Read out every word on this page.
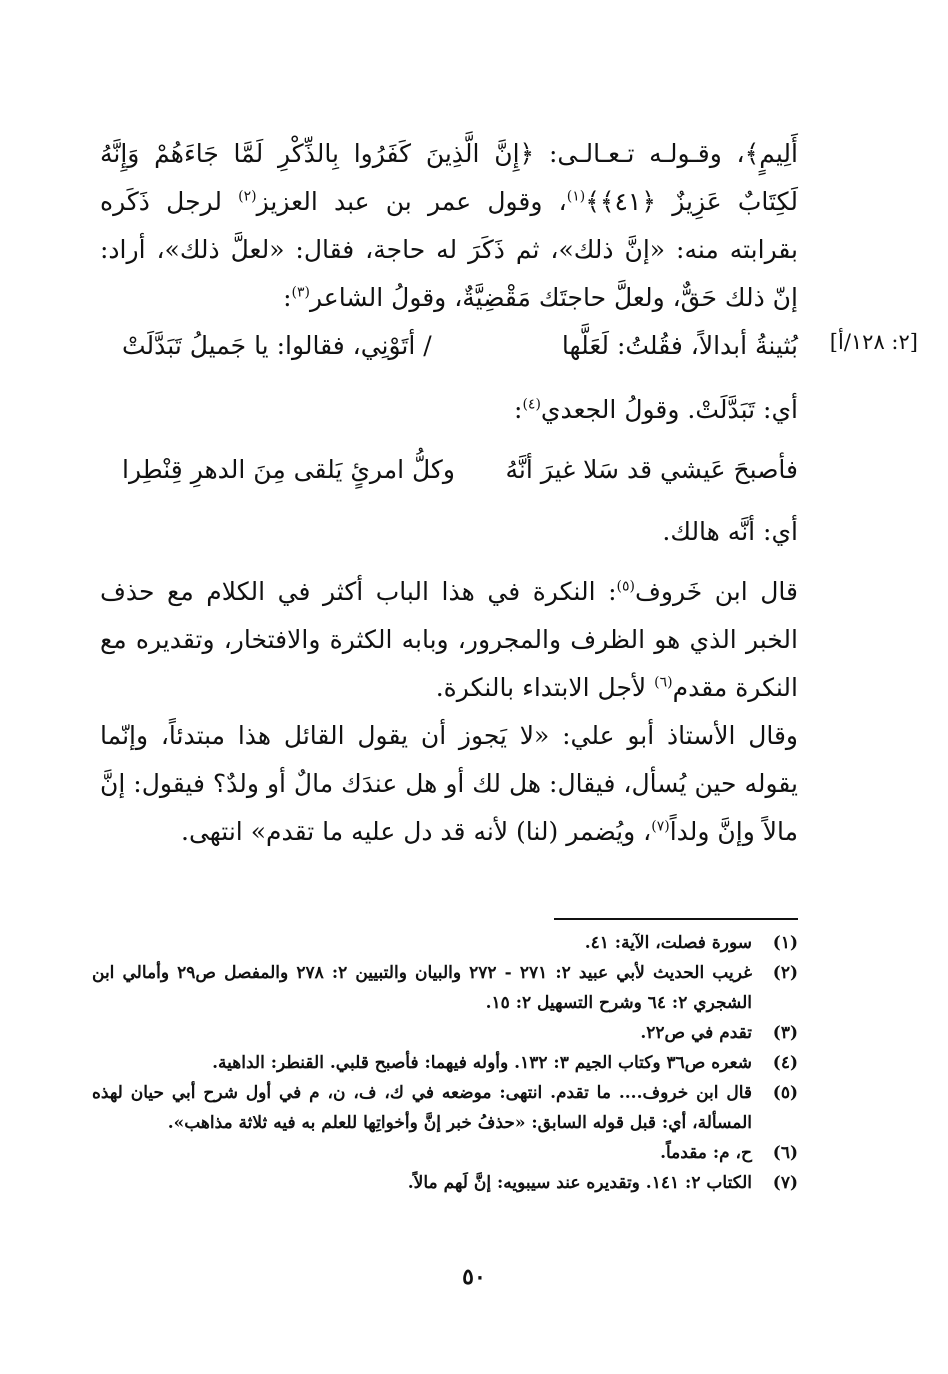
أَلِيمٍ﴾، وقـولـه تـعـالـى: ﴿إِنَّ الَّذِينَ كَفَرُوا بِالذِّكْرِ لَمَّا جَاءَهُمْ وَإِنَّهُ لَكِتَابٌ عَزِيزٌ ﴿٤١﴾﴾$^{(١)}$، وقول عمر بن عبد العزيز$^{(٢)}$ لرجل ذَكَره بقرابته منه: «إنَّ ذلك»، ثم ذَكَرَ له حاجة، فقال: «لعلَّ ذلك»، أراد: إنّ ذلك حَقٌّ، ولعلَّ حاجتَك مَقْضِيَّةٌ، وقولُ الشاعر$^{(٣)}$:
[٢: ١٢٨/أ]
بُثينةُ أبدالاً، فقُلتُ: لَعَلَّها
/ أتَوْنِي، فقالوا: يا جَميلُ تَبَدَّلَتْ
أي: تَبَدَّلَتْ. وقولُ الجعدي$^{(٤)}$:
فأصبحَ عَيشي قد سَلا غيرَ أنَّهُ
وكلُّ امرئٍ يَلقى مِنَ الدهرِ قِنْطِرا
أي: أنَّه هالك.
قال ابن خَروف$^{(٥)}$: النكرة في هذا الباب أكثر في الكلام مع حذف الخبر الذي هو الظرف والمجرور، وبابه الكثرة والافتخار، وتقديره مع النكرة مقدم$^{(٦)}$ لأجل الابتداء بالنكرة.
وقال الأستاذ أبو علي: «لا يَجوز أن يقول القائل هذا مبتدئاً، وإنّما يقوله حين يُسأل، فيقال: هل لك أو هل عندَك مالٌ أو ولدٌ؟ فيقول: إنَّ مالاً وإنَّ ولداً$^{(٧)}$، ويُضمر (لنا) لأنه قد دل عليه ما تقدم» انتهى.
(١)
سورة فصلت، الآية: ٤١.
(٢)
غريب الحديث لأبي عبيد ٢: ٢٧١ - ٢٧٢ والبيان والتبيين ٢: ٢٧٨ والمفصل ص٢٩ وأمالي ابن الشجري ٢: ٦٤ وشرح التسهيل ٢: ١٥.
(٣)
تقدم في ص٢٢.
(٤)
شعره ص٣٦ وكتاب الجيم ٣: ١٣٢. وأوله فيهما: فأصبح قلبي. القنطر: الداهية.
(٥)
قال ابن خروف.... ما تقدم. انتهى: موضعه في ك، ف، ن، م في أول شرح أبي حيان لهذه المسألة، أي: قبل قوله السابق: «حذفُ خبر إنَّ وأخواتِها للعلم به فيه ثلاثة مذاهب».
(٦)
ح، م: مقدماً.
(٧)
الكتاب ٢: ١٤١. وتقديره عند سيبويه: إنَّ لَهم مالاً.
٥٠
